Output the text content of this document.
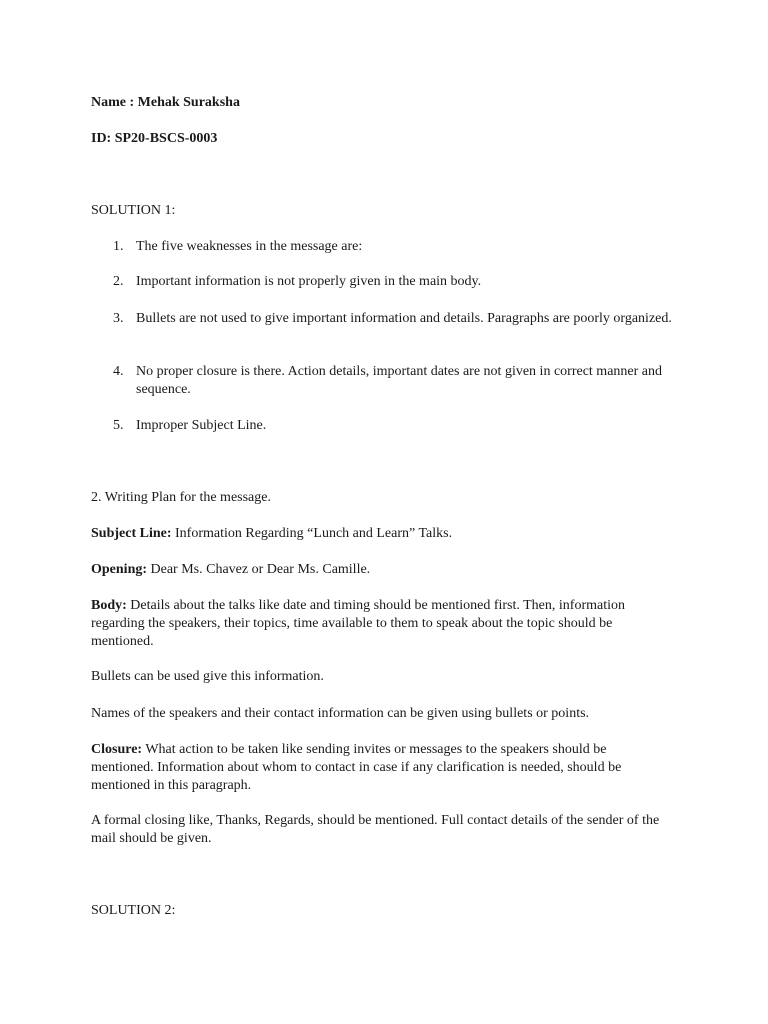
Name : Mehak Suraksha

ID: SP20-BSCS-0003

SOLUTION 1:

1. The five weaknesses in the message are:
2. Important information is not properly given in the main body.
3. Bullets are not used to give important information and details. Paragraphs are poorly organized.
4. No proper closure is there. Action details, important dates are not given in correct manner and sequence.
5. Improper Subject Line.

2. Writing Plan for the message.

Subject Line: Information Regarding “Lunch and Learn” Talks.

Opening: Dear Ms. Chavez or Dear Ms. Camille.

Body: Details about the talks like date and timing should be mentioned first. Then, information regarding the speakers, their topics, time available to them to speak about the topic should be mentioned.

Bullets can be used give this information.

Names of the speakers and their contact information can be given using bullets or points.

Closure: What action to be taken like sending invites or messages to the speakers should be mentioned. Information about whom to contact in case if any clarification is needed, should be mentioned in this paragraph.

A formal closing like, Thanks, Regards, should be mentioned. Full contact details of the sender of the mail should be given.

SOLUTION 2:
